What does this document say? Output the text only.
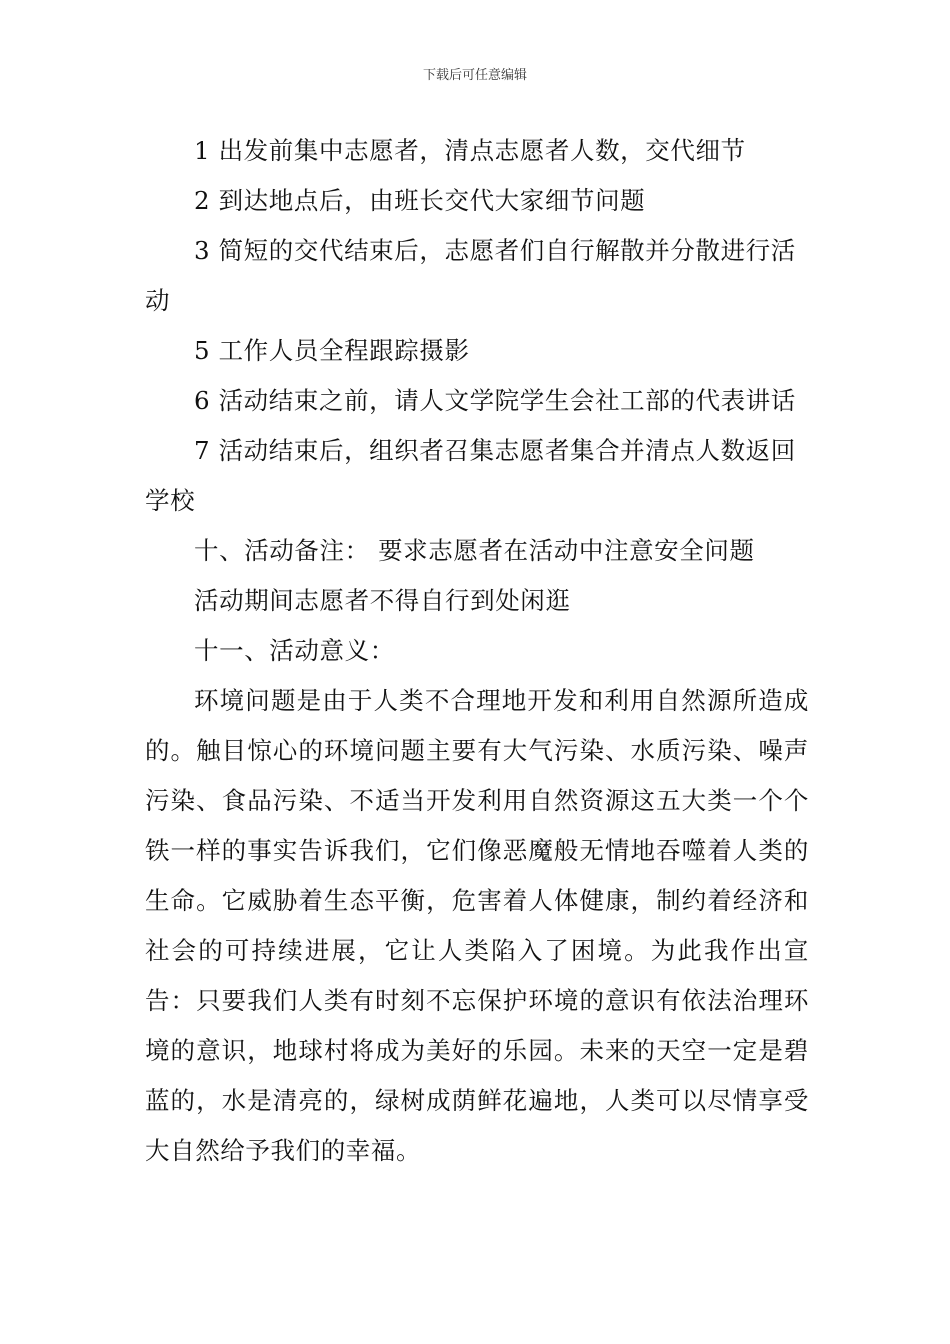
下载后可任意编辑

1 出发前集中志愿者，清点志愿者人数，交代细节

2 到达地点后，由班长交代大家细节问题

3 简短的交代结束后，志愿者们自行解散并分散进行活动

5 工作人员全程跟踪摄影

6 活动结束之前，请人文学院学生会社工部的代表讲话

7 活动结束后，组织者召集志愿者集合并清点人数返回学校

十、活动备注： 要求志愿者在活动中注意安全问题

活动期间志愿者不得自行到处闲逛

十一、活动意义：

环境问题是由于人类不合理地开发和利用自然源所造成的。触目惊心的环境问题主要有大气污染、水质污染、噪声污染、食品污染、不适当开发利用自然资源这五大类一个个铁一样的事实告诉我们，它们像恶魔般无情地吞噬着人类的生命。它威胁着生态平衡，危害着人体健康，制约着经济和社会的可持续进展，它让人类陷入了困境。为此我作出宣告：只要我们人类有时刻不忘保护环境的意识有依法治理环境的意识，地球村将成为美好的乐园。未来的天空一定是碧蓝的，水是清亮的，绿树成荫鲜花遍地，人类可以尽情享受大自然给予我们的幸福。
